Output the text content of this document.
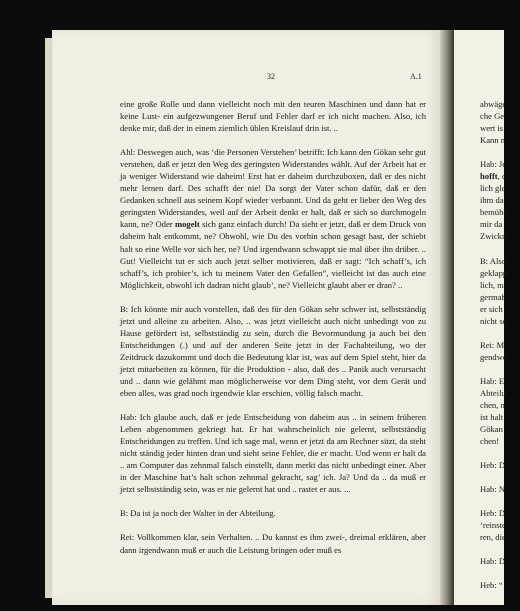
32	A.1

eine große Rolle und dann vielleicht noch mit den teuren Maschinen und dann hat er keine Lust- ein aufgezwungener Beruf und Fehler darf er ich nicht machen. Also, ich denke mir, daß der in einem ziemlich üblen Kreislauf drin ist. ..

Ahl: Deswegen auch, was ‘die Personen Verstehen’ betrifft: Ich kann den Gökan sehr gut verstehen, daß er jetzt den Weg des geringsten Widerstandes wählt. Auf der Arbeit hat er ja weniger Widerstand wie daheim! Erst hat er daheim durchzuboxen, daß er des nicht mehr lernen darf. Des schafft der nie! Da sorgt der Vater schon dafür, daß er den Gedanken schnell aus seinem Kopf wieder verbannt. Und da geht er lieber den Weg des geringsten Widerstandes, weil auf der Arbeit denkt er halt, daß er sich so durchmogeln kann, ne? Oder mogelt sich ganz einfach durch! Da sieht er jetzt, daß er dem Druck von daheim halt entkommt, ne? Obwohl, wie Du des vorhin schon gesagt hast, der schiebt halt so eine Welle vor sich her, ne? Und irgendwann schwappt sie mal über ihn drüber. .. Gut! Vielleicht tut er sich auch jetzt selber motivieren, daß er sagt: “Ich schaff’s, ich schaff’s, ich probier’s, ich tu meinem Vater den Gefallen”, vielleicht ist das auch eine Möglichkeit, obwohl ich dadran nicht glaub’, ne? Vielleicht glaubt aber er dran? ..

B: Ich könnte mir auch vorstellen, daß des für den Gökan sehr schwer ist, selbstständig jetzt und alleine zu arbeiten. Also, .. was jetzt vielleicht auch nicht unbedingt von zu Hause gefördert ist, selbstständig zu sein, durch die Bevormundung ja auch bei den Entscheidungen (.) und auf der anderen Seite jetzt in der Fachabteilung, wo der Zeitdruck dazukommt und doch die Bedeutung klar ist, was auf dem Spiel steht, hier da jetzt mitarbeiten zu können, für die Produktion - also, daß des .. Panik auch verursacht und .. dann wie gelähmt man möglicherweise vor dem Ding steht, vor dem Gerät und eben alles, was grad noch irgendwie klar erschien, völlig falsch macht.

Hab: Ich glaube auch, daß er jede Entscheidung von daheim aus .. in seinem früheren Leben abgenommen gekriegt hat. Er hat wahrscheinlich nie gelernt, selbstständig Entscheidungen zu treffen. Und ich sage mal, wenn er jetzt da am Rechner sitzt, da steht nicht ständig jeder hinten dran und sieht seine Fehler, die er macht. Und wenn er halt da .. am Computer das zehnmal falsch einstellt, dann merkt das nicht unbedingt einer. Aber in der Maschine hat’s halt schon zehnmal gekracht, sag’ ich. Ja? Und da .. da muß er jetzt selbstständig sein, was er nie gelernt hat und .. rastet er aus. ...

B: Da ist ja noch der Walter in der Abteilung.

Rei: Vollkommen klar, sein Verhalten. .. Du kannst es ihm zwei-, dreimal erklären, aber dann irgendwann muß er auch die Leistung bringen oder muß es

abwäge
che Ge
wert is
Kann n
Hab: Je
hofft, c
lich gle
ihm da
bemühe
mir da
Zwickn
B: Also
geklapp
lich, m
germaß
er sich
nicht se
Rei: M
gendwe
Hab: E
Abteilu
chen, n
ist halt
Gökan
chen!
Heb: D
Hab: N
Heb: D
‘reinste
ren, die
Hab: D
Heb: “
